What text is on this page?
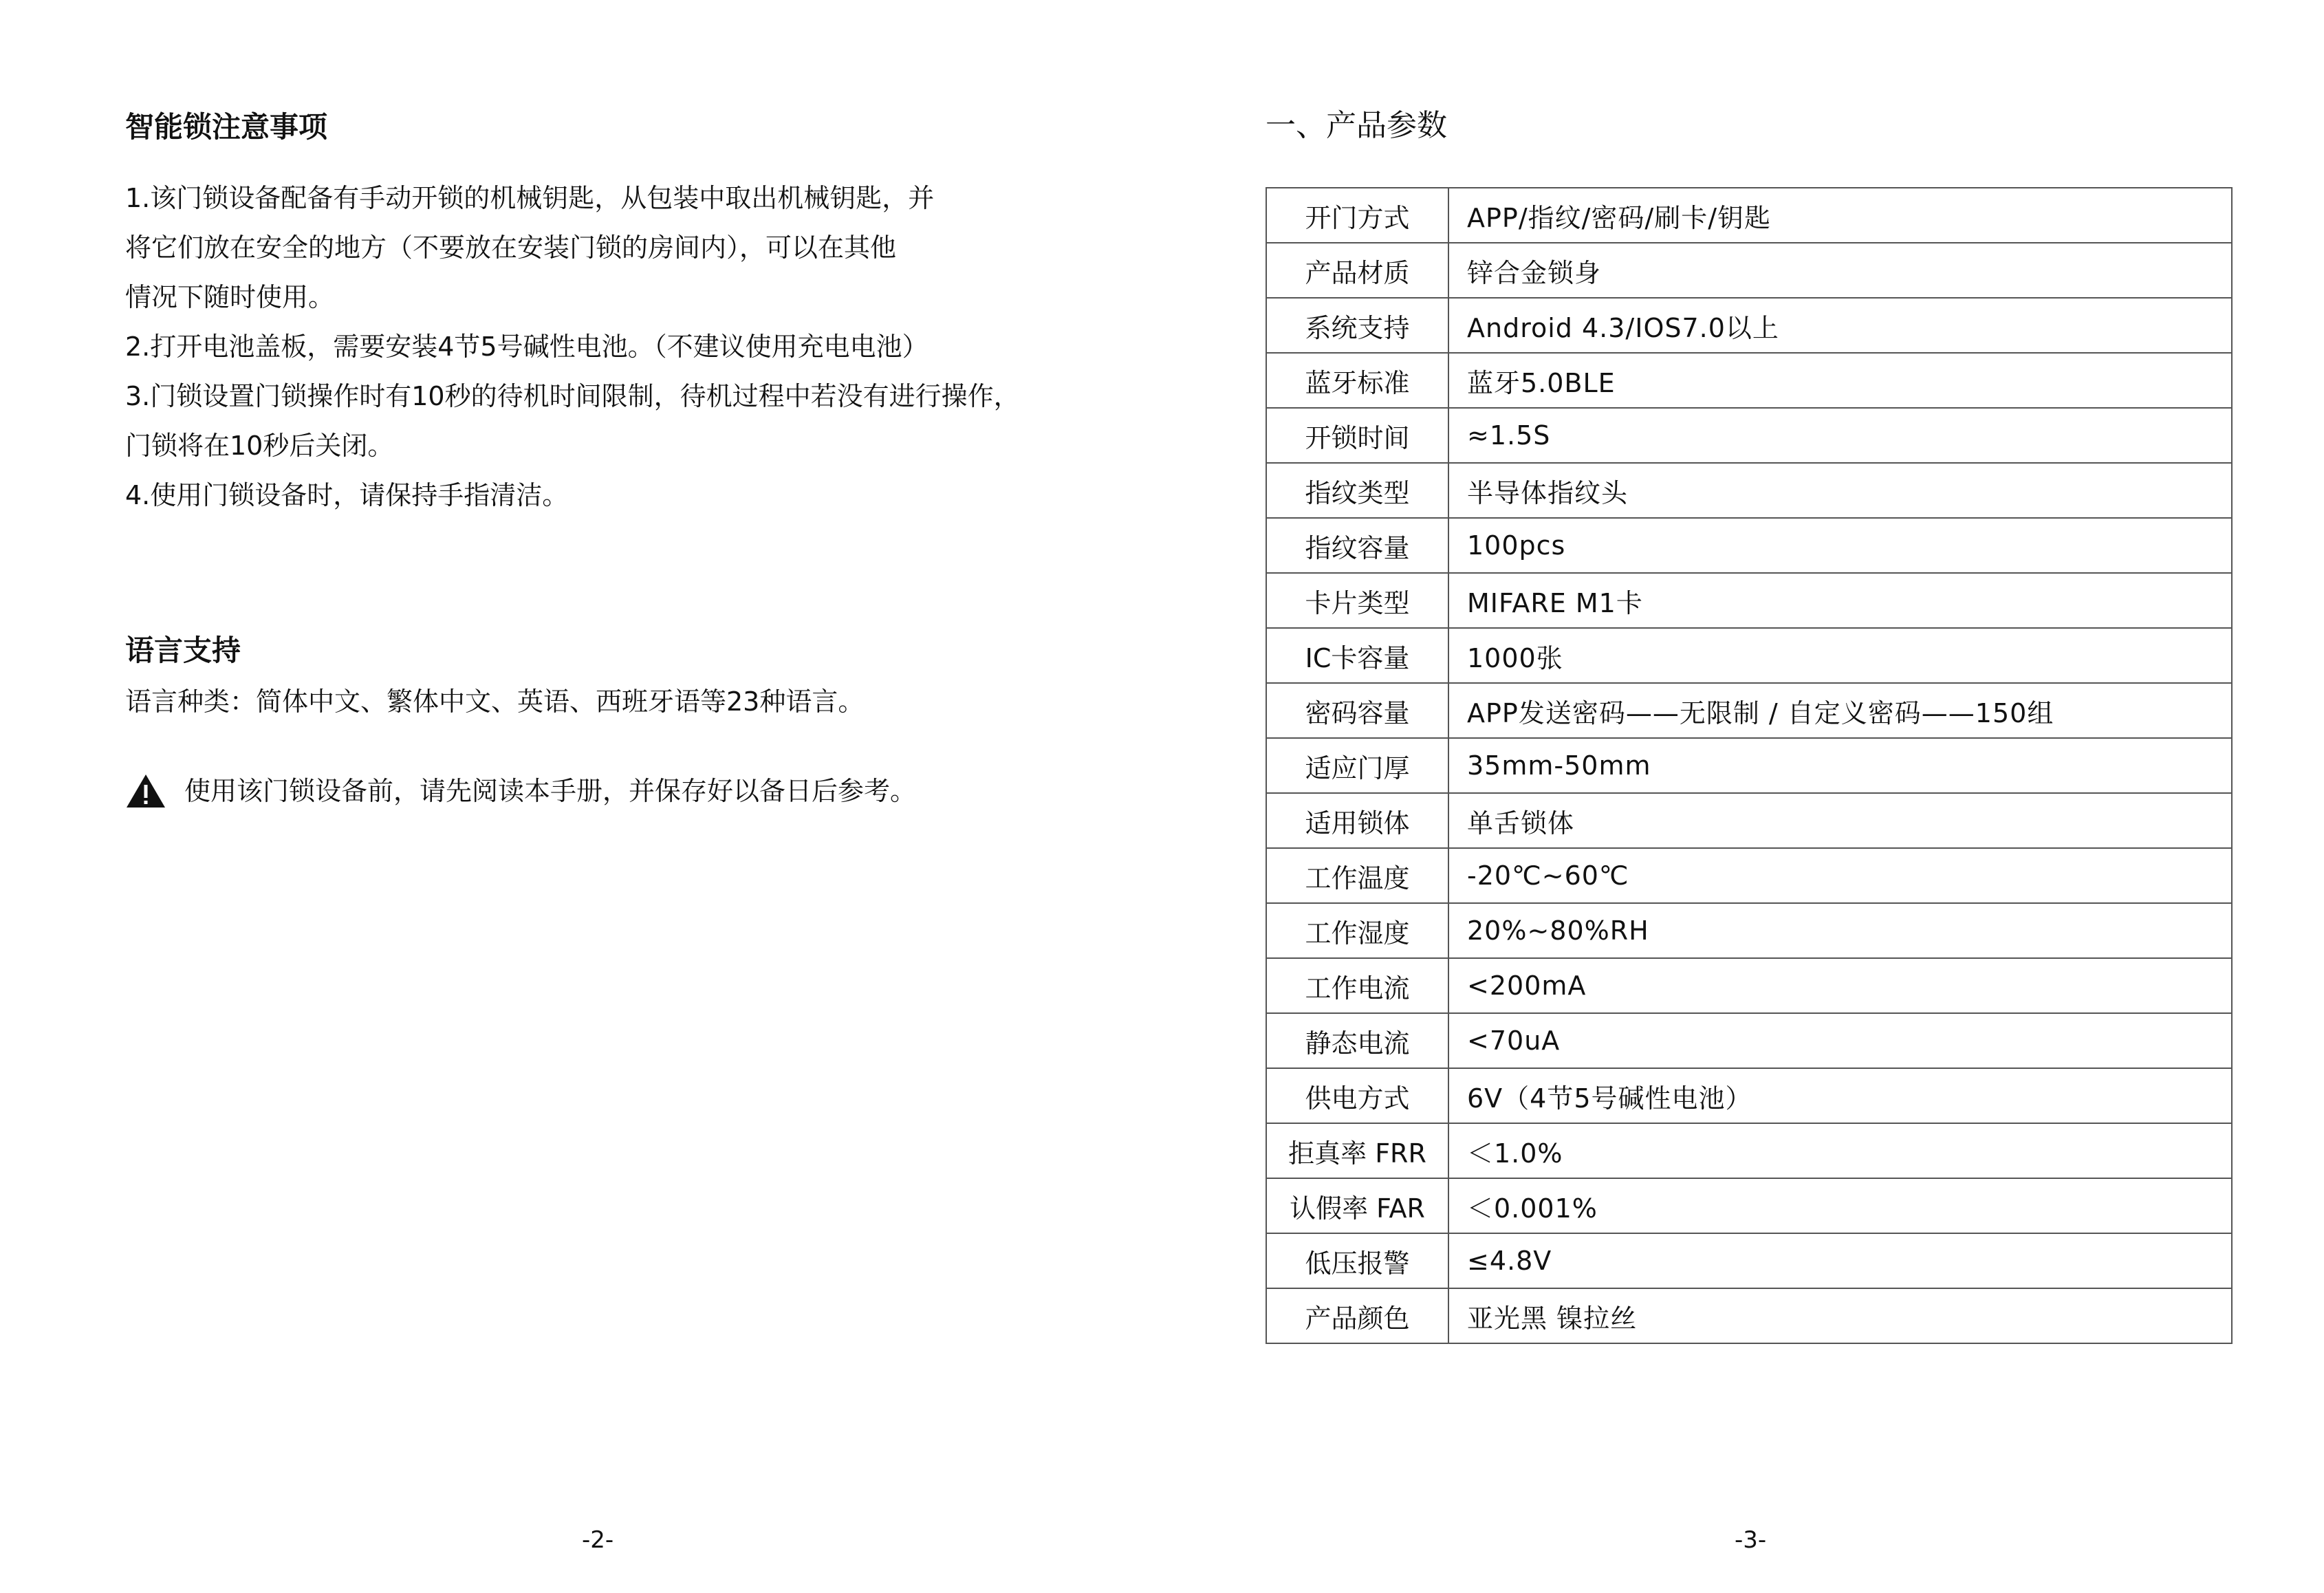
智能锁注意事项
1.该门锁设备配备有手动开锁的机械钥匙，从包装中取出机械钥匙，并
将它们放在安全的地方（不要放在安装门锁的房间内），可以在其他
情况下随时使用。
2.打开电池盖板，需要安装4节5号碱性电池。（不建议使用充电电池）
3.门锁设置门锁操作时有10秒的待机时间限制，待机过程中若没有进行操作，
门锁将在10秒后关闭。
4.使用门锁设备时，请保持手指清洁。
语言支持
语言种类：简体中文、繁体中文、英语、西班牙语等23种语言。
使用该门锁设备前，请先阅读本手册，并保存好以备日后参考。
-2-
一、产品参数
开门方式	APP/指纹/密码/刷卡/钥匙
产品材质	锌合金锁身
系统支持	Android 4.3/IOS7.0以上
蓝牙标准	蓝牙5.0BLE
开锁时间	≈1.5S
指纹类型	半导体指纹头
指纹容量	100pcs
卡片类型	MIFARE M1卡
IC卡容量	1000张
密码容量	APP发送密码——无限制 / 自定义密码——150组
适应门厚	35mm-50mm
适用锁体	单舌锁体
工作温度	-20℃~60℃
工作湿度	20%~80%RH
工作电流	<200mA
静态电流	<70uA
供电方式	6V（4节5号碱性电池）
拒真率 FRR	＜1.0%
认假率 FAR	＜0.001%
低压报警	≤4.8V
产品颜色	亚光黑 镍拉丝
-3-
